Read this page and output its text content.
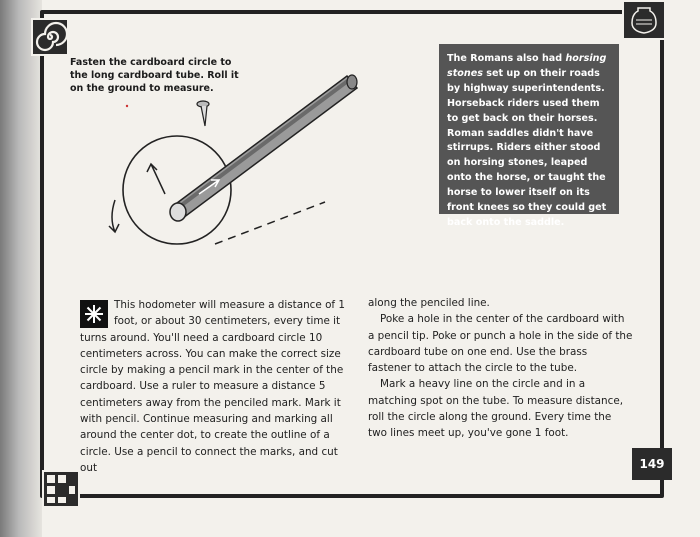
Fasten the cardboard circle to the long cardboard tube. Roll it on the ground to measure.
The Romans also had horsing stones set up on their roads by highway superintendents. Horseback riders used them to get back on their horses. Roman saddles didn't have stirrups. Riders either stood on horsing stones, leaped onto the horse, or taught the horse to lower itself on its front knees so they could get back onto the saddle.

This hodometer will measure a distance of 1 foot, or about 30 centimeters, every time it turns around. You'll need a cardboard circle 10 centimeters across. You can make the correct size circle by making a pencil mark in the center of the cardboard. Use a ruler to measure a distance 5 centimeters away from the penciled mark. Mark it with pencil. Continue measuring and marking all around the center dot, to create the outline of a circle. Use a pencil to connect the marks, and cut out

along the penciled line.

Poke a hole in the center of the cardboard with a pencil tip. Poke or punch a hole in the side of the cardboard tube on one end. Use the brass fastener to attach the circle to the tube.

Mark a heavy line on the circle and in a matching spot on the tube. To measure distance, roll the circle along the ground. Every time the two lines meet up, you've gone 1 foot.

149
